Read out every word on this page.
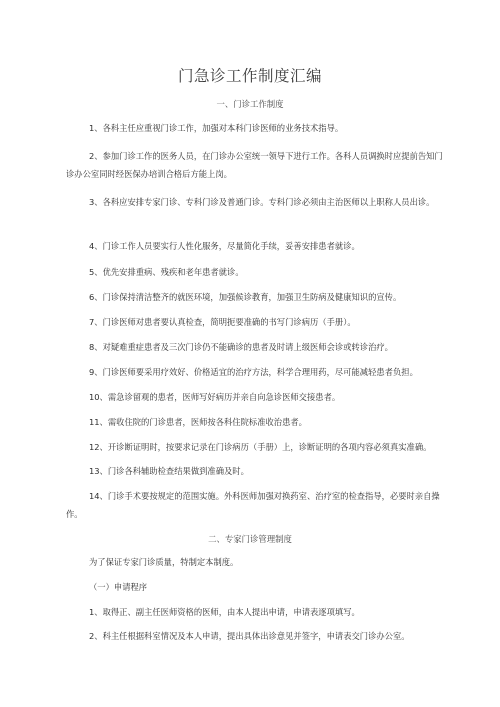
门急诊工作制度汇编
一、门诊工作制度

1、各科主任应重视门诊工作，加强对本科门诊医师的业务技术指导。

2、参加门诊工作的医务人员，在门诊办公室统一领导下进行工作。各科人员调换时应提前告知门诊办公室同时经医保办培训合格后方能上岗。

3、各科应安排专家门诊、专科门诊及普通门诊。专科门诊必须由主治医师以上职称人员出诊。

4、门诊工作人员要实行人性化服务，尽量简化手续，妥善安排患者就诊。

5、优先安排重病、残疾和老年患者就诊。

6、门诊保持清洁整齐的就医环境，加强候诊教育，加强卫生防病及健康知识的宣传。

7、门诊医师对患者要认真检查，简明扼要准确的书写门诊病历（手册）。

8、对疑难重症患者及三次门诊仍不能确诊的患者及时请上级医师会诊或转诊治疗。

9、门诊医师要采用疗效好、价格适宜的治疗方法，科学合理用药，尽可能减轻患者负担。

10、需急诊留观的患者，医师写好病历并亲自向急诊医师交接患者。

11、需收住院的门诊患者，医师按各科住院标准收治患者。

12、开诊断证明时，按要求记录在门诊病历（手册）上，诊断证明的各项内容必须真实准确。

13、门诊各科辅助检查结果做到准确及时。

14、门诊手术要按规定的范围实施。外科医师加强对换药室、治疗室的检查指导，必要时亲自操作。

二、专家门诊管理制度

为了保证专家门诊质量，特制定本制度。

（一）申请程序

1、取得正、副主任医师资格的医师，由本人提出申请，申请表逐项填写。

2、科主任根据科室情况及本人申请，提出具体出诊意见并签字，申请表交门诊办公室。
